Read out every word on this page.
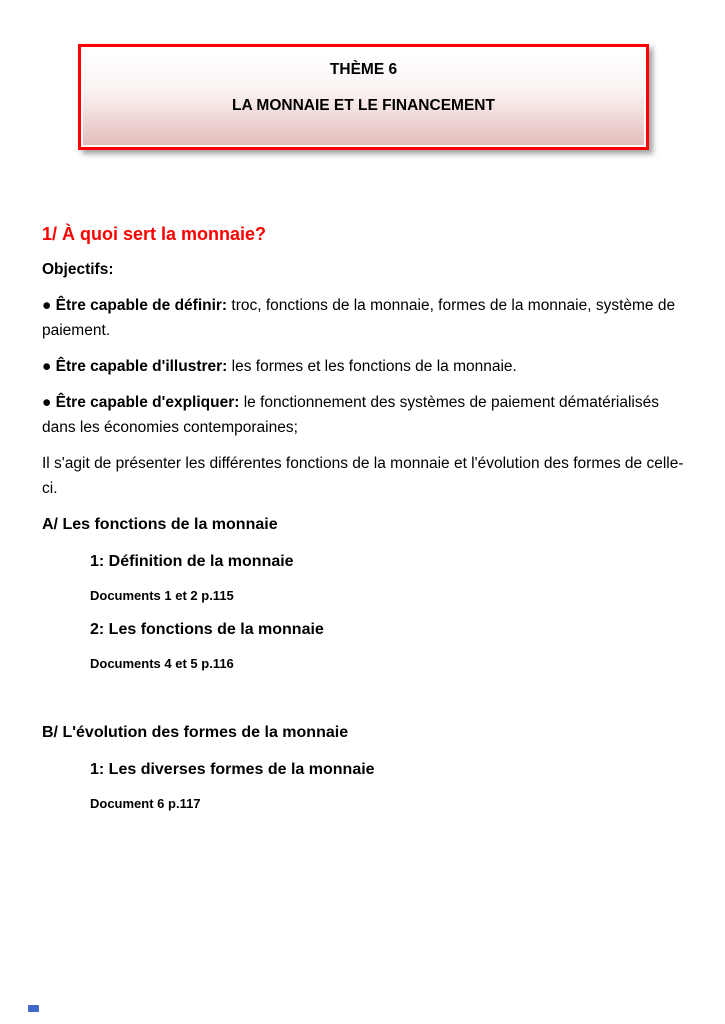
THÈME 6
LA MONNAIE ET LE FINANCEMENT
1/ À quoi sert la monnaie?

Objectifs:

● Être capable de définir: troc, fonctions de la monnaie, formes de la monnaie, système de paiement.

● Être capable d'illustrer: les formes et les fonctions de la monnaie.

● Être capable d'expliquer: le fonctionnement des systèmes de paiement dématérialisés dans les économies contemporaines;

Il s'agit de présenter les différentes fonctions de la monnaie et l'évolution des formes de celle-ci.

A/ Les fonctions de la monnaie

1: Définition de la monnaie

Documents 1 et 2 p.115

2: Les fonctions de la monnaie

Documents 4 et 5 p.116

B/ L'évolution des formes de la monnaie

1: Les diverses formes de la monnaie

Document 6 p.117
